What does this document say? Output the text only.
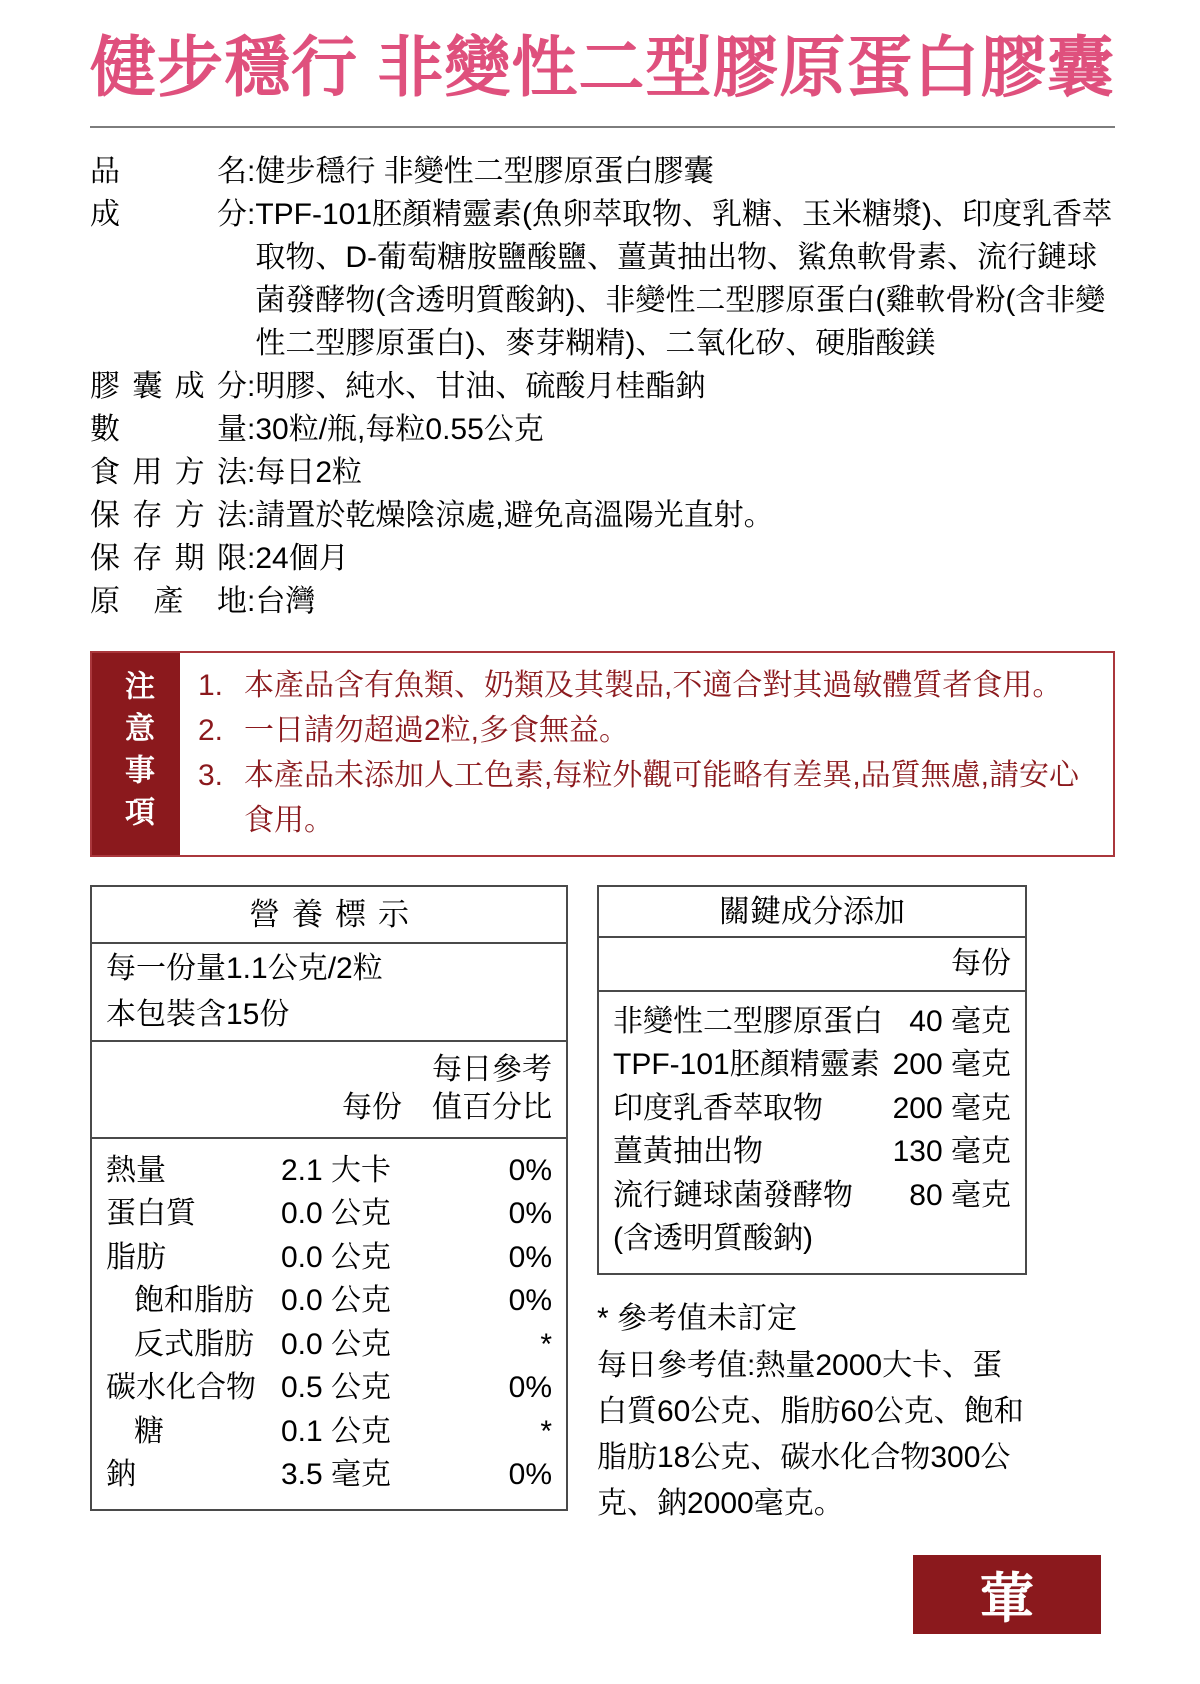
健步穩行 非變性二型膠原蛋白膠囊
品名 : 健步穩行 非變性二型膠原蛋白膠囊
成分 : TPF-101胚顏精靈素(魚卵萃取物、乳糖、玉米糖漿)、印度乳香萃取物、D-葡萄糖胺鹽酸鹽、薑黃抽出物、鯊魚軟骨素、流行鏈球菌發酵物(含透明質酸鈉)、非變性二型膠原蛋白(雞軟骨粉(含非變性二型膠原蛋白)、麥芽糊精)、二氧化矽、硬脂酸鎂
膠囊成分 : 明膠、純水、甘油、硫酸月桂酯鈉
數量 : 30粒/瓶,每粒0.55公克
食用方法 : 每日2粒
保存方法 : 請置於乾燥陰涼處,避免高溫陽光直射。
保存期限 : 24個月
原產地 : 台灣
注意事項 1. 本產品含有魚類、奶類及其製品,不適合對其過敏體質者食用。
2. 一日請勿超過2粒,多食無益。
3. 本產品未添加人工色素,每粒外觀可能略有差異,品質無慮,請安心食用。
營養標示
每一份量1.1公克/2粒
本包裝含15份
每日參考
每份 值百分比
熱量	2.1 大卡	0%
蛋白質	0.0 公克	0%
脂肪	0.0 公克	0%
飽和脂肪 0.0 公克	0%
反式脂肪 0.0 公克	*
碳水化合物 0.5 公克	0%
糖	0.1 公克	*
鈉	3.5 毫克	0%
關鍵成分添加
每份
非變性二型膠原蛋白 40 毫克
TPF-101胚顏精靈素 200 毫克
印度乳香萃取物	200 毫克
薑黃抽出物	130 毫克
流行鏈球菌發酵物	80 毫克
(含透明質酸鈉)
* 參考值未訂定
每日參考值:熱量2000大卡、蛋白質60公克、脂肪60公克、飽和脂肪18公克、碳水化合物300公克、鈉2000毫克。
葷
